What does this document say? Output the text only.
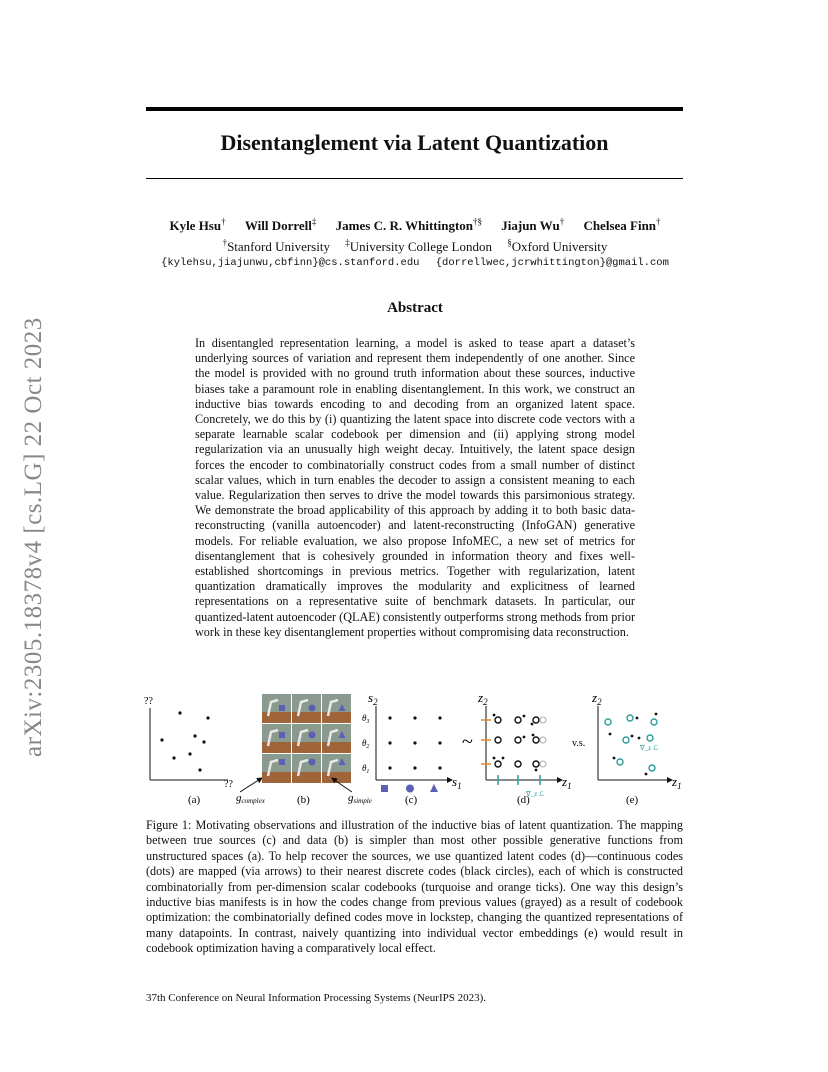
Disentanglement via Latent Quantization
Kyle Hsu† Will Dorrell‡ James C. R. Whittington†§ Jiajun Wu† Chelsea Finn†
†Stanford University ‡University College London §Oxford University
{kylehsu,jiajunwu,cbfinn}@cs.stanford.edu {dorrellwec,jcrwhittington}@gmail.com
arXiv:2305.18378v4 [cs.LG] 22 Oct 2023
Abstract

In disentangled representation learning, a model is asked to tease apart a dataset’s underlying sources of variation and represent them independently of one another. Since the model is provided with no ground truth information about these sources, inductive biases take a paramount role in enabling disentanglement. In this work, we construct an inductive bias towards encoding to and decoding from an organized latent space. Concretely, we do this by (i) quantizing the latent space into discrete code vectors with a separate learnable scalar codebook per dimension and (ii) applying strong model regularization via an unusually high weight decay. Intuitively, the latent space design forces the encoder to combinatorially construct codes from a small number of distinct scalar values, which in turn enables the decoder to assign a consistent meaning to each value. Regularization then serves to drive the model towards this parsimonious strategy. We demonstrate the broad applicability of this approach by adding it to both basic data-reconstructing (vanilla autoencoder) and latent-reconstructing (InfoGAN) generative models. For reliable evaluation, we also propose InfoMEC, a new set of metrics for disentanglement that is cohesively grounded in information theory and fixes well-established shortcomings in previous metrics. Together with regularization, latent quantization dramatically improves the modularity and explicitness of learned representations on a representative suite of benchmark datasets. In particular, our quantized-latent autoencoder (QLAE) consistently outperforms strong methods from prior work in these key disentanglement properties without compromising data reconstruction.

??
??
(a)	gcomplex	(b)	gsimple
$s_2$
$s_1$
$\theta_3$
$\theta_2$
$\theta_1$
(c)
~
$z_2$
$z_1$
∇_z ℒ
(d)
v.s.
$z_2$
$z_1$
∇_z ℒ
(e)

Figure 1: Motivating observations and illustration of the inductive bias of latent quantization. The mapping between true sources (c) and data (b) is simpler than most other possible generative functions from unstructured spaces (a). To help recover the sources, we use quantized latent codes (d)—continuous codes (dots) are mapped (via arrows) to their nearest discrete codes (black circles), each of which is constructed combinatorially from per-dimension scalar codebooks (turquoise and orange ticks). One way this design’s inductive bias manifests is in how the codes change from previous values (grayed) as a result of codebook optimization: the combinatorially defined codes move in lockstep, changing the quantized representations of many datapoints. In contrast, naively quantizing into individual vector embeddings (e) would result in codebook optimization having a comparatively local effect.

37th Conference on Neural Information Processing Systems (NeurIPS 2023).
